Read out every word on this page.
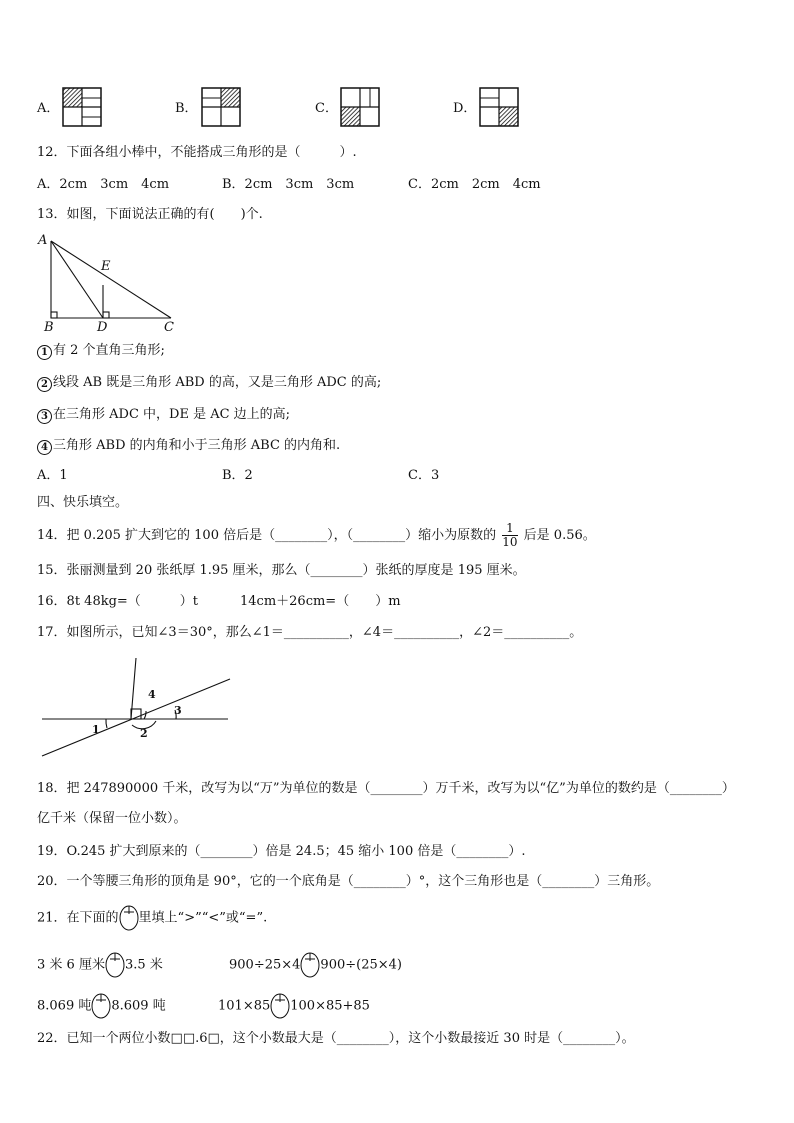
A．	B．	C．	D．
12．下面各组小棒中，不能搭成三角形的是（　　　）.
A．2cm　3cm　4cm	B．2cm　3cm　3cm	C．2cm　2cm　4cm
13．如图，下面说法正确的有(　　)个.
A
E
B	D	C
1 有 2 个直角三角形;
2 线段 AB 既是三角形 ABD 的高，又是三角形 ADC 的高;
3 在三角形 ADC 中，DE 是 AC 边上的高;
4 三角形 ABD 的内角和小于三角形 ABC 的内角和.
A．1	B．2	C．3
四、快乐填空。
14．把 0.205 扩大到它的 100 倍后是（________），（________）缩小为原数的 $\frac{1}{10}$ 后是 0.56。
15．张丽测量到 20 张纸厚 1.95 厘米，那么（________）张纸的厚度是 195 厘米。
16．8t 48kg=（　　　）t	14cm＋26cm=（　　）m
17．如图所示，已知∠3＝30°，那么∠1＝__________，∠4＝__________，∠2＝__________。
4
3
1	2
18．把 247890000 千米，改写为以“万”为单位的数是（________）万千米，改写为以“亿”为单位的数约是（________）
亿千米（保留一位小数）。
19．O.245 扩大到原来的（________）倍是 24.5；45 缩小 100 倍是（________）.
20．一个等腰三角形的顶角是 90°，它的一个底角是（________）°，这个三角形也是（________）三角形。
21．在下面的 里填上“>”“<”或“=”.
3 米 6 厘米 3.5 米	900÷25×4 900÷(25×4)
8.069 吨 8.609 吨	101×85 100×85+85
22．已知一个两位小数□□.6□，这个小数最大是（________），这个小数最接近 30 时是（________）。
